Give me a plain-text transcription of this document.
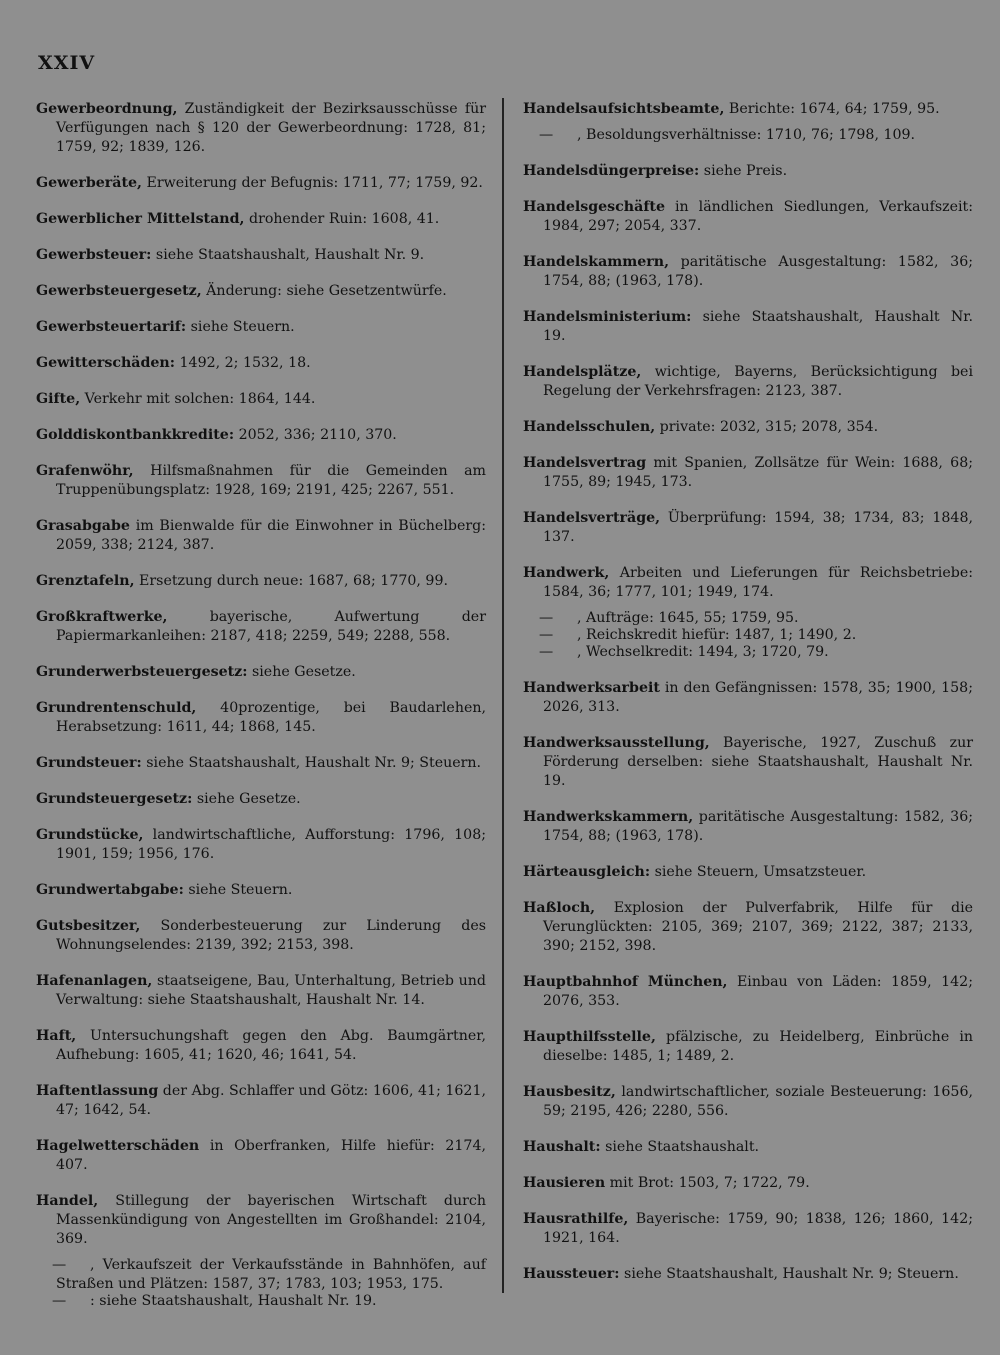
XXIV
Gewerbeordnung, Zuständigkeit der Bezirksausschüsse für Verfügungen nach § 120 der Gewerbeordnung: 1728, 81; 1759, 92; 1839, 126.
Gewerberäte, Erweiterung der Befugnis: 1711, 77; 1759, 92.
Gewerblicher Mittelstand, drohender Ruin: 1608, 41.
Gewerbsteuer: siehe Staatshaushalt, Haushalt Nr. 9.
Gewerbsteuergesetz, Änderung: siehe Gesetzentwürfe.
Gewerbsteuertarif: siehe Steuern.
Gewitterschäden: 1492, 2; 1532, 18.
Gifte, Verkehr mit solchen: 1864, 144.
Golddiskontbankkredite: 2052, 336; 2110, 370.
Grafenwöhr, Hilfsmaßnahmen für die Gemeinden am Truppenübungsplatz: 1928, 169; 2191, 425; 2267, 551.
Grasabgabe im Bienwalde für die Einwohner in Büchelberg: 2059, 338; 2124, 387.
Grenztafeln, Ersetzung durch neue: 1687, 68; 1770, 99.
Großkraftwerke, bayerische, Aufwertung der Papiermarkanleihen: 2187, 418; 2259, 549; 2288, 558.
Grunderwerbsteuergesetz: siehe Gesetze.
Grundrentenschuld, 40prozentige, bei Baudarlehen, Herabsetzung: 1611, 44; 1868, 145.
Grundsteuer: siehe Staatshaushalt, Haushalt Nr. 9; Steuern.
Grundsteuergesetz: siehe Gesetze.
Grundstücke, landwirtschaftliche, Aufforstung: 1796, 108; 1901, 159; 1956, 176.
Grundwertabgabe: siehe Steuern.
Gutsbesitzer, Sonderbesteuerung zur Linderung des Wohnungselendes: 2139, 392; 2153, 398.
Hafenanlagen, staatseigene, Bau, Unterhaltung, Betrieb und Verwaltung: siehe Staatshaushalt, Haushalt Nr. 14.
Haft, Untersuchungshaft gegen den Abg. Baumgärtner, Aufhebung: 1605, 41; 1620, 46; 1641, 54.
Haftentlassung der Abg. Schlaffer und Götz: 1606, 41; 1621, 47; 1642, 54.
Hagelwetterschäden in Oberfranken, Hilfe hiefür: 2174, 407.
Handel, Stillegung der bayerischen Wirtschaft durch Massenkündigung von Angestellten im Großhandel: 2104, 369.
— , Verkaufszeit der Verkaufsstände in Bahnhöfen, auf Straßen und Plätzen: 1587, 37; 1783, 103; 1953, 175.
— : siehe Staatshaushalt, Haushalt Nr. 19.
Handelsaufsichtsbeamte, Berichte: 1674, 64; 1759, 95.
— , Besoldungsverhältnisse: 1710, 76; 1798, 109.
Handelsdüngerpreise: siehe Preis.
Handelsgeschäfte in ländlichen Siedlungen, Verkaufszeit: 1984, 297; 2054, 337.
Handelskammern, paritätische Ausgestaltung: 1582, 36; 1754, 88; (1963, 178).
Handelsministerium: siehe Staatshaushalt, Haushalt Nr. 19.
Handelsplätze, wichtige, Bayerns, Berücksichtigung bei Regelung der Verkehrsfragen: 2123, 387.
Handelsschulen, private: 2032, 315; 2078, 354.
Handelsvertrag mit Spanien, Zollsätze für Wein: 1688, 68; 1755, 89; 1945, 173.
Handelsverträge, Überprüfung: 1594, 38; 1734, 83; 1848, 137.
Handwerk, Arbeiten und Lieferungen für Reichsbetriebe: 1584, 36; 1777, 101; 1949, 174.
— , Aufträge: 1645, 55; 1759, 95.
— , Reichskredit hiefür: 1487, 1; 1490, 2.
— , Wechselkredit: 1494, 3; 1720, 79.
Handwerksarbeit in den Gefängnissen: 1578, 35; 1900, 158; 2026, 313.
Handwerksausstellung, Bayerische, 1927, Zuschuß zur Förderung derselben: siehe Staatshaushalt, Haushalt Nr. 19.
Handwerkskammern, paritätische Ausgestaltung: 1582, 36; 1754, 88; (1963, 178).
Härteausgleich: siehe Steuern, Umsatzsteuer.
Haßloch, Explosion der Pulverfabrik, Hilfe für die Verunglückten: 2105, 369; 2107, 369; 2122, 387; 2133, 390; 2152, 398.
Hauptbahnhof München, Einbau von Läden: 1859, 142; 2076, 353.
Haupthilfsstelle, pfälzische, zu Heidelberg, Einbrüche in dieselbe: 1485, 1; 1489, 2.
Hausbesitz, landwirtschaftlicher, soziale Besteuerung: 1656, 59; 2195, 426; 2280, 556.
Haushalt: siehe Staatshaushalt.
Hausieren mit Brot: 1503, 7; 1722, 79.
Hausrathilfe, Bayerische: 1759, 90; 1838, 126; 1860, 142; 1921, 164.
Haussteuer: siehe Staatshaushalt, Haushalt Nr. 9; Steuern.
